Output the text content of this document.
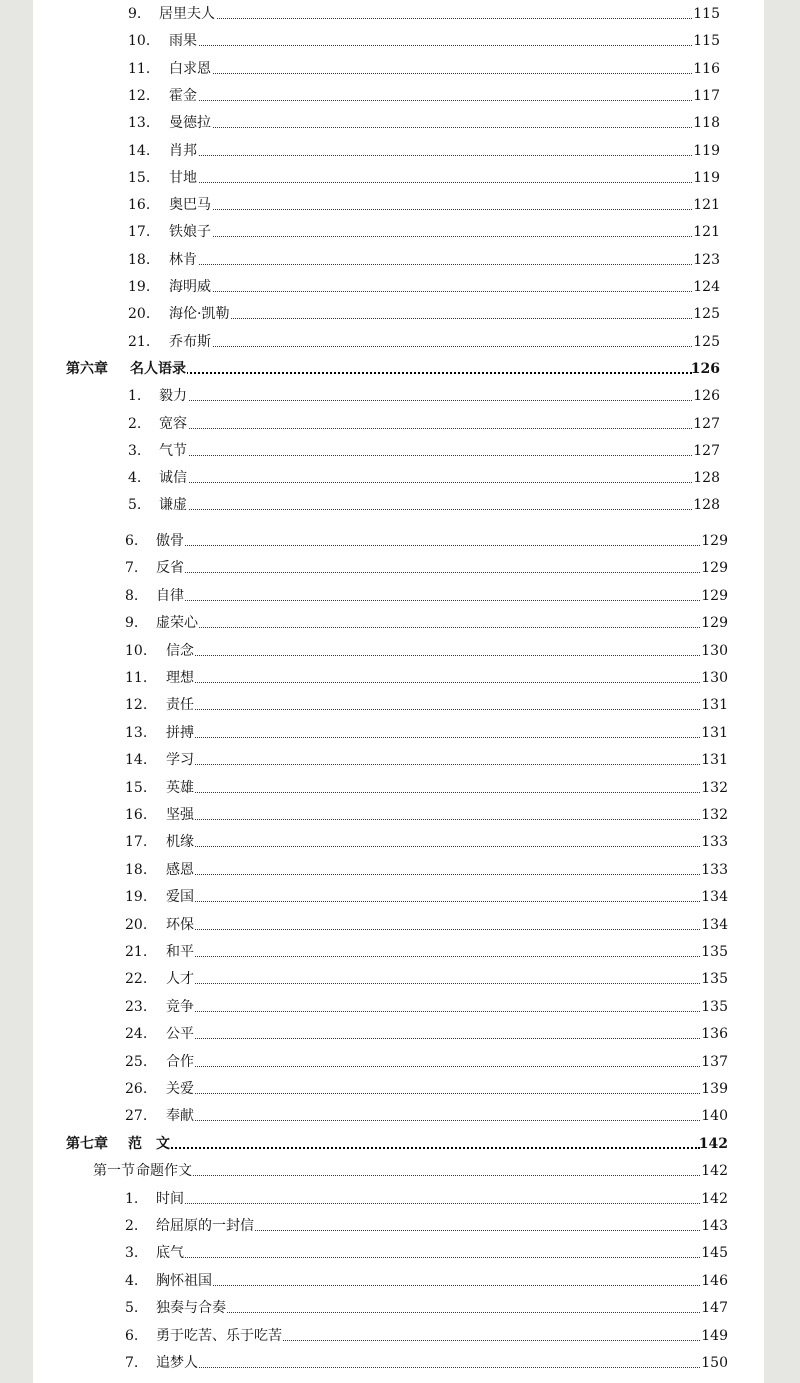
9. 居里夫人	115
10. 雨果	115
11. 白求恩	116
12. 霍金	117
13. 曼德拉	118
14. 肖邦	119
15. 甘地	119
16. 奥巴马	121
17. 铁娘子	121
18. 林肯	123
19. 海明威	124
20. 海伦·凯勒	125
21. 乔布斯	125
第六章 名人语录	126
1. 毅力	126
2. 宽容	127
3. 气节	127
4. 诚信	128
5. 谦虚	128
6. 傲骨	129
7. 反省	129
8. 自律	129
9. 虚荣心	129
10. 信念	130
11. 理想	130
12. 责任	131
13. 拼搏	131
14. 学习	131
15. 英雄	132
16. 坚强	132
17. 机缘	133
18. 感恩	133
19. 爱国	134
20. 环保	134
21. 和平	135
22. 人才	135
23. 竞争	135
24. 公平	136
25. 合作	137
26. 关爱	139
27. 奉献	140
第七章 范　文	142
第一节 命题作文	142
1. 时间	142
2. 给屈原的一封信	143
3. 底气	145
4. 胸怀祖国	146
5. 独奏与合奏	147
6. 勇于吃苦、乐于吃苦	149
7. 追梦人	150
